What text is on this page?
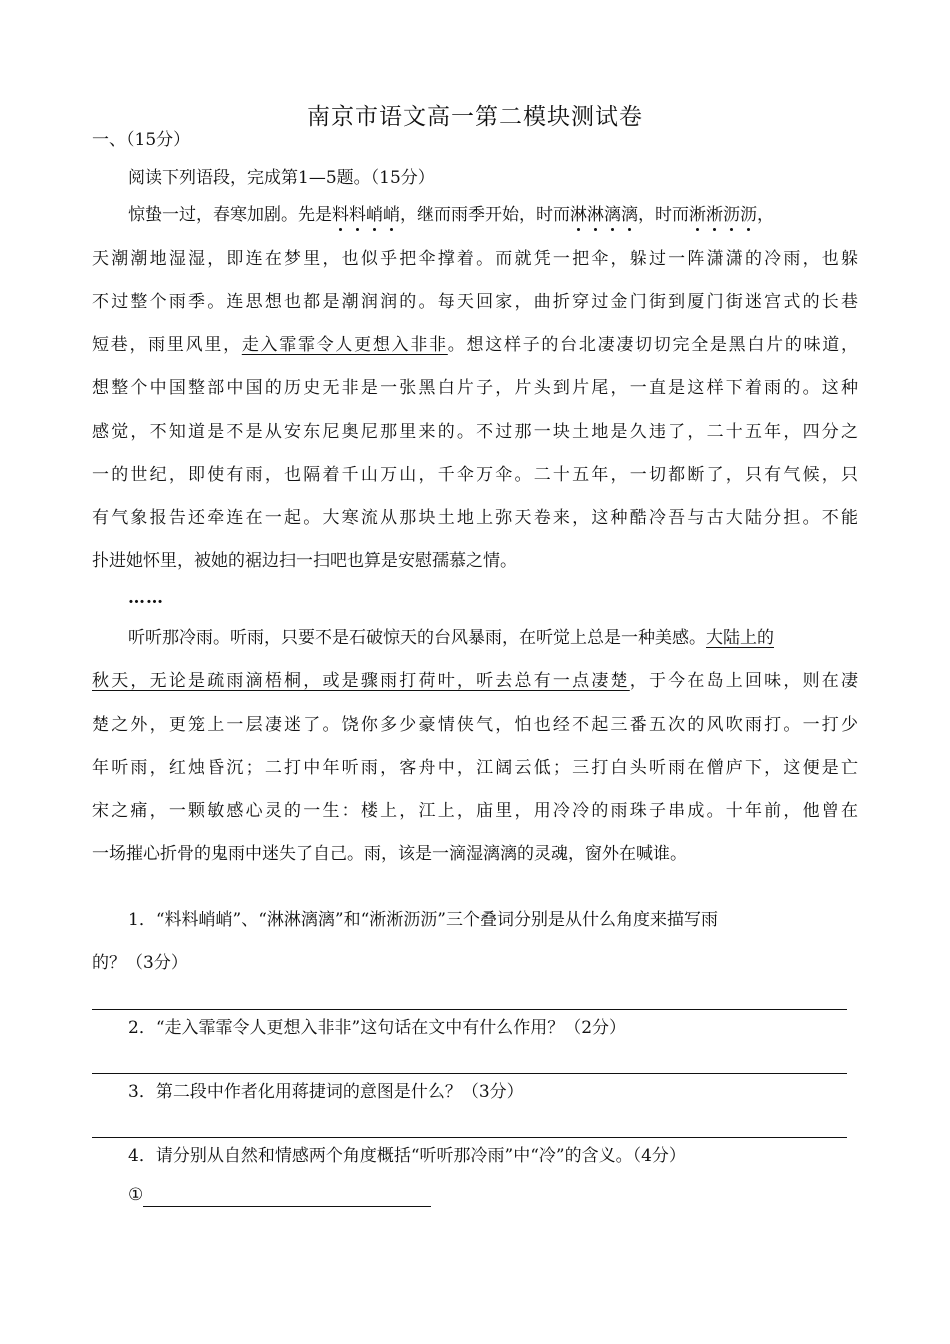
南京市语文高一第二模块测试卷
一、（15分）
阅读下列语段，完成第1—5题。（15分）
惊蛰一过，春寒加剧。先是料料峭峭，继而雨季开始，时而淋淋漓漓，时而淅淅沥沥，
天潮潮地湿湿，即连在梦里，也似乎把伞撑着。而就凭一把伞，躲过一阵潇潇的冷雨，也躲
不过整个雨季。连思想也都是潮润润的。每天回家，曲折穿过金门街到厦门街迷宫式的长巷
短巷，雨里风里，走入霏霏令人更想入非非。想这样子的台北凄凄切切完全是黑白片的味道，
想整个中国整部中国的历史无非是一张黑白片子，片头到片尾，一直是这样下着雨的。这种
感觉，不知道是不是从安东尼奥尼那里来的。不过那一块土地是久违了，二十五年，四分之
一的世纪，即使有雨，也隔着千山万山，千伞万伞。二十五年，一切都断了，只有气候，只
有气象报告还牵连在一起。大寒流从那块土地上弥天卷来，这种酷冷吾与古大陆分担。不能
扑进她怀里，被她的裾边扫一扫吧也算是安慰孺慕之情。
……
听听那冷雨。听雨，只要不是石破惊天的台风暴雨，在听觉上总是一种美感。大陆上的
秋天，无论是疏雨滴梧桐，或是骤雨打荷叶，听去总有一点凄楚，于今在岛上回味，则在凄
楚之外，更笼上一层凄迷了。饶你多少豪情侠气，怕也经不起三番五次的风吹雨打。一打少
年听雨，红烛昏沉；二打中年听雨，客舟中，江阔云低；三打白头听雨在僧庐下，这便是亡
宋之痛，一颗敏感心灵的一生：楼上，江上，庙里，用冷冷的雨珠子串成。十年前，他曾在
一场摧心折骨的鬼雨中迷失了自己。雨，该是一滴湿漓漓的灵魂，窗外在喊谁。
1．“料料峭峭”、“淋淋漓漓”和“淅淅沥沥”三个叠词分别是从什么角度来描写雨
的？（3分）
2．“走入霏霏令人更想入非非”这句话在文中有什么作用？（2分）
3．第二段中作者化用蒋捷词的意图是什么？（3分）
4．请分别从自然和情感两个角度概括“听听那冷雨”中“冷”的含义。（4分）
①
